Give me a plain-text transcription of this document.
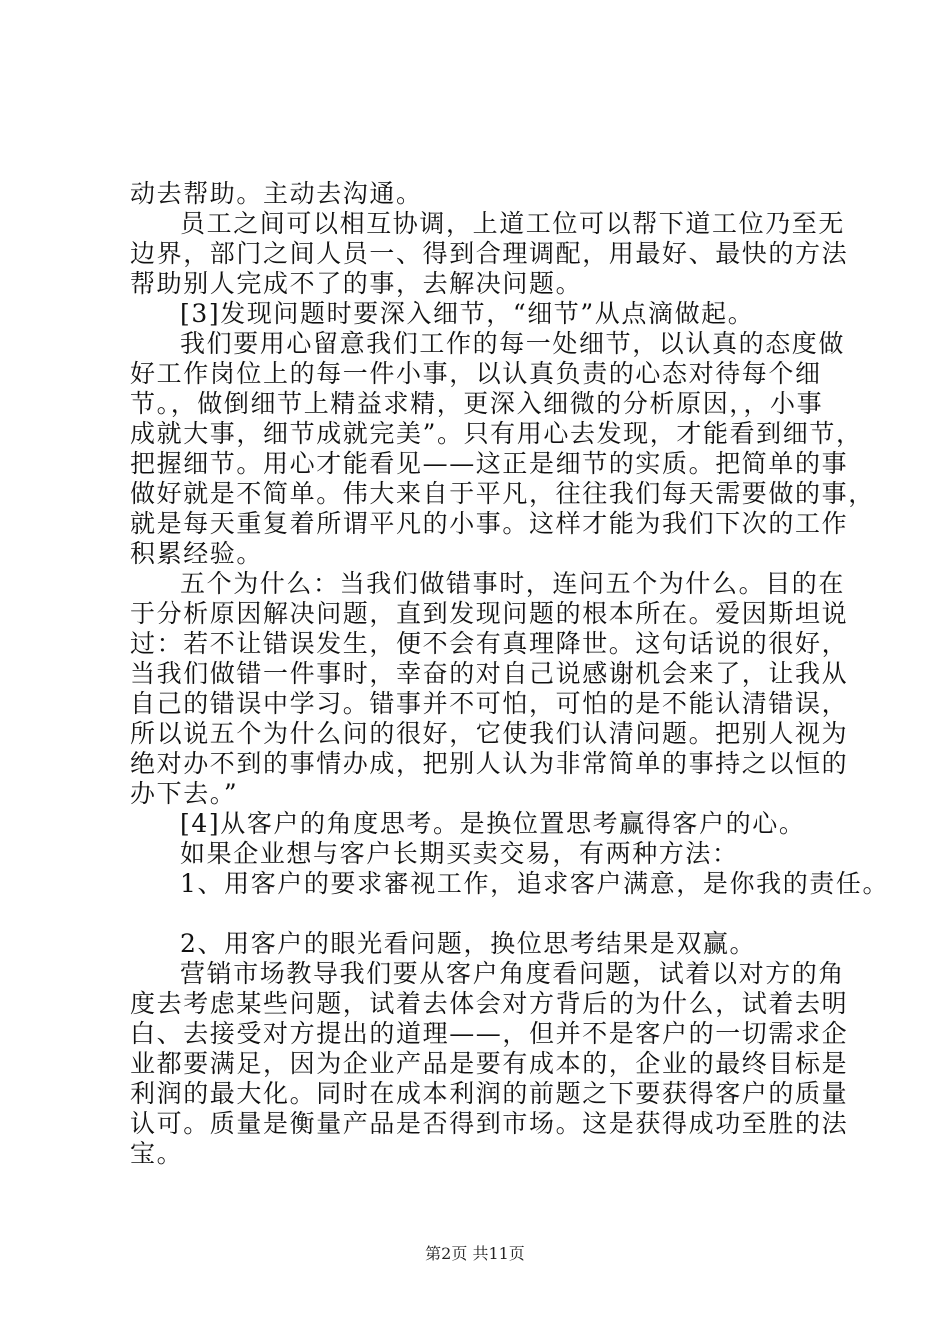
动去帮助。主动去沟通。
员工之间可以相互协调，上道工位可以帮下道工位乃至无
边界，部门之间人员一、得到合理调配，用最好、最快的方法
帮助别人完成不了的事，去解决问题。
[3]发现问题时要深入细节，“细节”从点滴做起。
我们要用心留意我们工作的每一处细节，以认真的态度做
好工作岗位上的每一件小事，以认真负责的心态对待每个细
节。，做倒细节上精益求精，更深入细微的分析原因，，小事
成就大事，细节成就完美”。只有用心去发现，才能看到细节，
把握细节。用心才能看见——这正是细节的实质。把简单的事
做好就是不简单。伟大来自于平凡，往往我们每天需要做的事，
就是每天重复着所谓平凡的小事。这样才能为我们下次的工作
积累经验。
五个为什么：当我们做错事时，连问五个为什么。目的在
于分析原因解决问题，直到发现问题的根本所在。爱因斯坦说
过：若不让错误发生，便不会有真理降世。这句话说的很好，
当我们做错一件事时，幸奋的对自己说感谢机会来了，让我从
自己的错误中学习。错事并不可怕，可怕的是不能认清错误，
所以说五个为什么问的很好，它使我们认清问题。把别人视为
绝对办不到的事情办成，把别人认为非常简单的事持之以恒的
办下去。”
[4]从客户的角度思考。是换位置思考赢得客户的心。
如果企业想与客户长期买卖交易，有两种方法：
1、用客户的要求審视工作，追求客户满意，是你我的责任。
2、用客户的眼光看问题，换位思考结果是双赢。
营销市场教导我们要从客户角度看问题，试着以对方的角
度去考虑某些问题，试着去体会对方背后的为什么，试着去明
白、去接受对方提出的道理——，但并不是客户的一切需求企
业都要满足，因为企业产品是要有成本的，企业的最终目标是
利润的最大化。同时在成本利润的前题之下要获得客户的质量
认可。质量是衡量产品是否得到市场。这是获得成功至胜的法
宝。
第2页 共11页
